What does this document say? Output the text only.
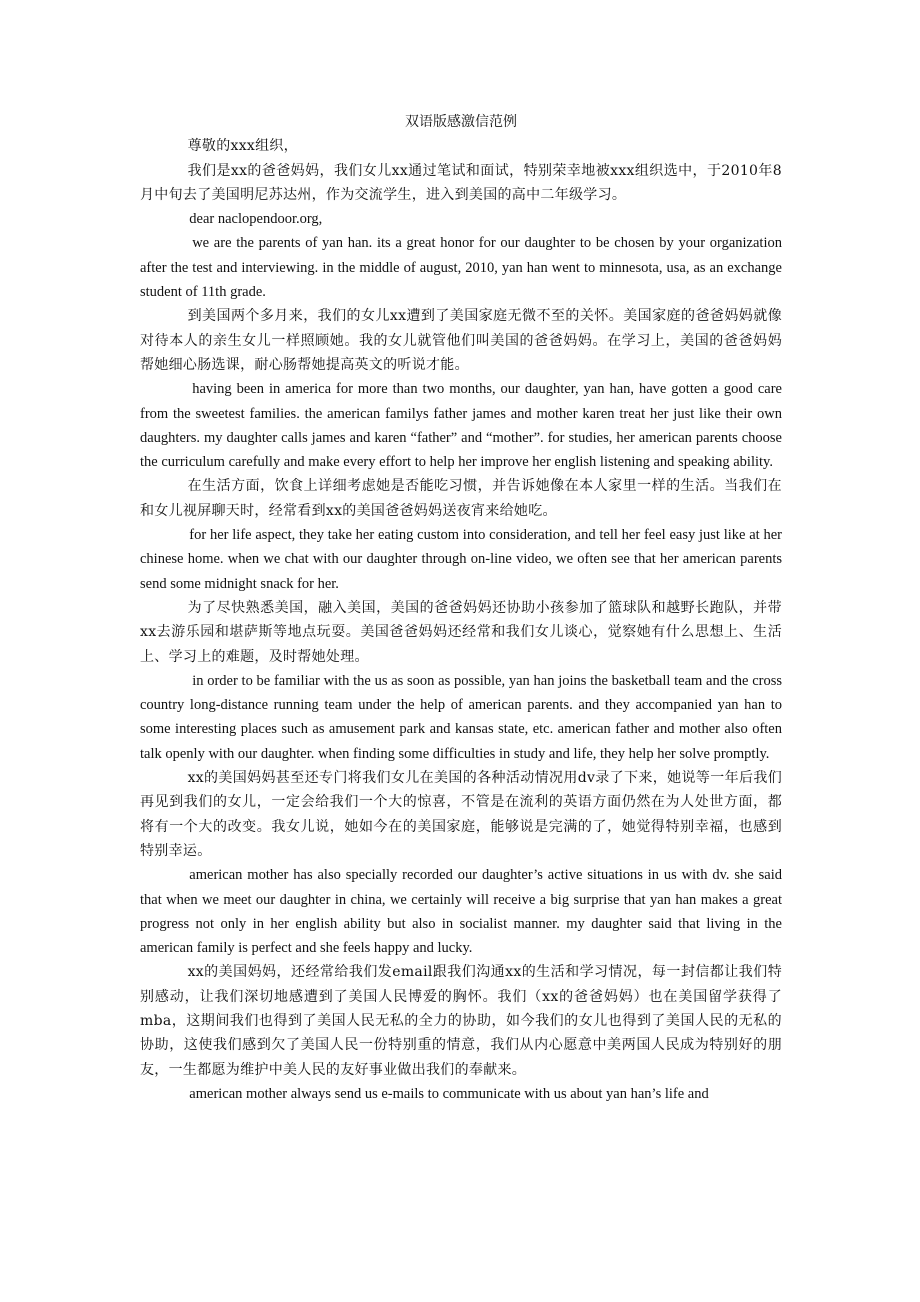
双语版感激信范例

尊敬的xxx组织，

我们是xx的爸爸妈妈，我们女儿xx通过笔试和面试，特别荣幸地被xxx组织选中，于2010年8月中旬去了美国明尼苏达州，作为交流学生，进入到美国的高中二年级学习。

dear naclopendoor.org,

we are the parents of yan han. its a great honor for our daughter to be chosen by your organization after the test and interviewing. in the middle of august, 2010, yan han went to minnesota, usa, as an exchange student of 11th grade.

到美国两个多月来，我们的女儿xx遭到了美国家庭无微不至的关怀。美国家庭的爸爸妈妈就像对待本人的亲生女儿一样照顾她。我的女儿就管他们叫美国的爸爸妈妈。在学习上，美国的爸爸妈妈帮她细心肠选课，耐心肠帮她提高英文的听说才能。

having been in america for more than two months, our daughter, yan han, have gotten a good care from the sweetest families. the american familys father james and mother karen treat her just like their own daughters. my daughter calls james and karen “father” and “mother”. for studies, her american parents choose the curriculum carefully and make every effort to help her improve her english listening and speaking ability.

在生活方面，饮食上详细考虑她是否能吃习惯，并告诉她像在本人家里一样的生活。当我们在和女儿视屏聊天时，经常看到xx的美国爸爸妈妈送夜宵来给她吃。

for her life aspect, they take her eating custom into consideration, and tell her feel easy just like at her chinese home. when we chat with our daughter through on-line video, we often see that her american parents send some midnight snack for her.

为了尽快熟悉美国，融入美国，美国的爸爸妈妈还协助小孩参加了篮球队和越野长跑队，并带xx去游乐园和堪萨斯等地点玩耍。美国爸爸妈妈还经常和我们女儿谈心，觉察她有什么思想上、生活上、学习上的难题，及时帮她处理。

in order to be familiar with the us as soon as possible, yan han joins the basketball team and the cross country long-distance running team under the help of american parents. and they accompanied yan han to some interesting places such as amusement park and kansas state, etc. american father and mother also often talk openly with our daughter. when finding some difficulties in study and life, they help her solve promptly.

xx的美国妈妈甚至还专门将我们女儿在美国的各种活动情况用dv录了下来，她说等一年后我们再见到我们的女儿，一定会给我们一个大的惊喜，不管是在流利的英语方面仍然在为人处世方面，都将有一个大的改变。我女儿说，她如今在的美国家庭，能够说是完满的了，她觉得特别幸福，也感到特别幸运。

american mother has also specially recorded our daughter’s active situations in us with dv. she said that when we meet our daughter in china, we certainly will receive a big surprise that yan han makes a great progress not only in her english ability but also in socialist manner. my daughter said that living in the american family is perfect and she feels happy and lucky.

xx的美国妈妈，还经常给我们发email跟我们沟通xx的生活和学习情况，每一封信都让我们特别感动，让我们深切地感遭到了美国人民博爱的胸怀。我们（xx的爸爸妈妈）也在美国留学获得了mba，这期间我们也得到了美国人民无私的全力的协助，如今我们的女儿也得到了美国人民的无私的协助，这使我们感到欠了美国人民一份特别重的情意，我们从内心愿意中美两国人民成为特别好的朋友，一生都愿为维护中美人民的友好事业做出我们的奉献来。

american mother always send us e-mails to communicate with us about yan han’s life and
